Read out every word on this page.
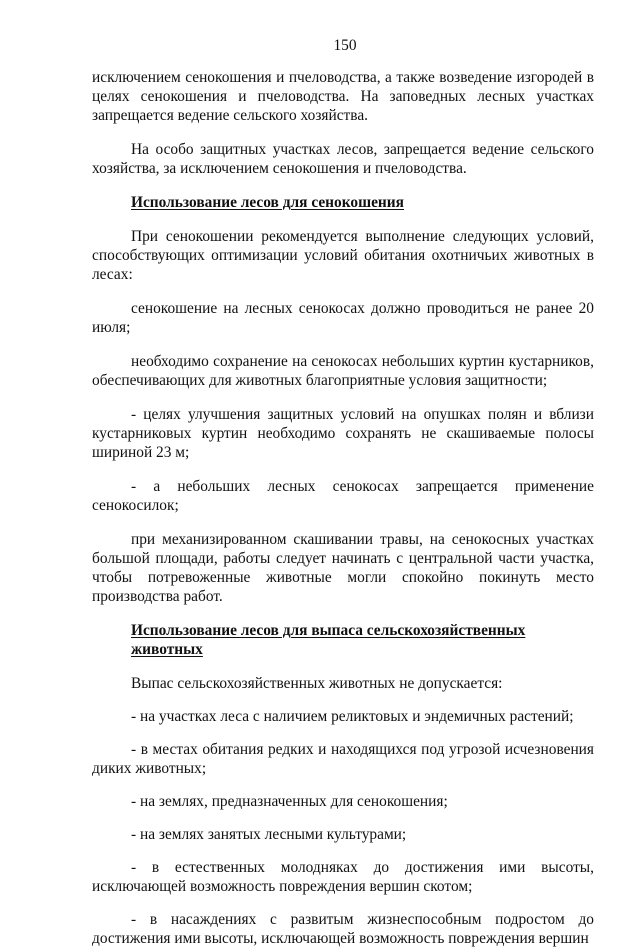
150

исключением сенокошения и пчеловодства, а также возведение изгородей в целях сенокошения и пчеловодства. На заповедных лесных участках запрещается ведение сельского хозяйства.

На особо защитных участках лесов, запрещается ведение сельского хозяйства, за исключением сенокошения и пчеловодства.

Использование лесов для сенокошения

При сенокошении рекомендуется выполнение следующих условий, способствующих оптимизации условий обитания охотничьих животных в лесах:

сенокошение на лесных сенокосах должно проводиться не ранее 20 июля;

необходимо сохранение на сенокосах небольших куртин кустарников, обеспечивающих для животных благоприятные условия защитности;

- целях улучшения защитных условий на опушках полян и вблизи кустарниковых куртин необходимо сохранять не скашиваемые полосы шириной 23 м;

- а небольших лесных сенокосах запрещается применение сенокосилок;

при механизированном скашивании травы, на сенокосных участках большой площади, работы следует начинать с центральной части участка, чтобы потревоженные животные могли спокойно покинуть место производства работ.

Использование лесов для выпаса сельскохозяйственных животных

Выпас сельскохозяйственных животных не допускается:

- на участках леса с наличием реликтовых и эндемичных растений;

- в местах обитания редких и находящихся под угрозой исчезновения диких животных;

- на землях, предназначенных для сенокошения;

- на землях занятых лесными культурами;

- в естественных молодняках до достижения ими высоты, исключающей возможность повреждения вершин скотом;

- в насаждениях с развитым жизнеспособным подростом до достижения ими высоты, исключающей возможность повреждения вершин
